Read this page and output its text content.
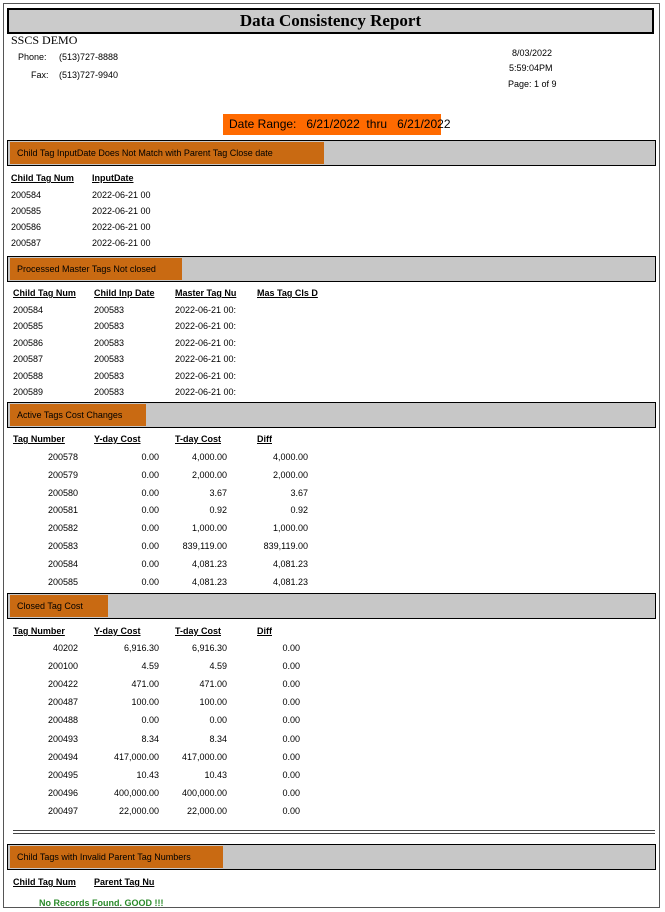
Data Consistency Report
SSCS DEMO
Phone: (513)727-8888
Fax: (513)727-9940
8/03/2022
5:59:04PM
Page: 1 of 9
Date Range:   6/21/2022  thru   6/21/2022
Child Tag InputDate Does Not Match with Parent Tag Close date
Child Tag Num	InputDate
200584	2022-06-21 00
200585	2022-06-21 00
200586	2022-06-21 00
200587	2022-06-21 00
Processed Master Tags Not closed
Child Tag Num	Child Inp Date	Master Tag Nu	Mas Tag Cls D
200584	200583	2022-06-21 00:
200585	200583	2022-06-21 00:
200586	200583	2022-06-21 00:
200587	200583	2022-06-21 00:
200588	200583	2022-06-21 00:
200589	200583	2022-06-21 00:
Active Tags Cost Changes
Tag Number	Y-day Cost	T-day Cost	Diff
200578	0.00	4,000.00	4,000.00
200579	0.00	2,000.00	2,000.00
200580	0.00	3.67	3.67
200581	0.00	0.92	0.92
200582	0.00	1,000.00	1,000.00
200583	0.00	839,119.00	839,119.00
200584	0.00	4,081.23	4,081.23
200585	0.00	4,081.23	4,081.23
Closed Tag Cost
Tag Number	Y-day Cost	T-day Cost	Diff
40202	6,916.30	6,916.30	0.00
200100	4.59	4.59	0.00
200422	471.00	471.00	0.00
200487	100.00	100.00	0.00
200488	0.00	0.00	0.00
200493	8.34	8.34	0.00
200494	417,000.00	417,000.00	0.00
200495	10.43	10.43	0.00
200496	400,000.00	400,000.00	0.00
200497	22,000.00	22,000.00	0.00
Child Tags with Invalid Parent Tag Numbers
Child Tag Num	Parent Tag Nu
No Records Found. GOOD !!!
